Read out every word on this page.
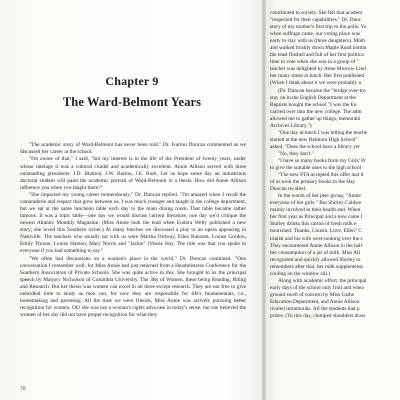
Chapter 9
The Ward-Belmont Years

"The academic story of Ward-Belmont has never been told," Dr. Ivarlou Duncan commented as we discussed her career at the school.

"I'm aware of that," I said, "but my interest is in the life of the President of twenty years, under whose tutelage it was a cultural citadel and academically excellent. Annie Allison served with three outstanding presidents: J.D. Blanton, J.W. Barton, J.E. Burk. Let us hope some day an industrious doctoral student will paint the academic portrait of Ward-Belmont in a thesis. How did Annie Allison influence you when you taught there?"

"She impacted my young career tremendously," Dr. Duncan replied. "I'm amazed when I recall the camaraderie and respect that grew between us. I was much younger and taught in the college department, but we sat at the same luncheon table each day in the main dining room. That table became rather famous. It was a topic table—one day we would discuss current literature, one day we'd critique the newest Atlantic Monthly Magazine. (Miss Annie took the lead when Eudora Welty published a new story; she loved this Southern writer.) At many lunches we discussed a play or an opera appearing in Nashville. The teachers who usually sat with us were Martha Ordway, Ellen Ransom, Louise Gordon, Emily Throne, Louise Hamon, Mary Norris and "Jackie" (Vessie Hay. The rule was that you spoke to everyone if you had something to say."

"We often had discussions on a woman's place in the world," Dr. Duncan continued. "One conversation I remember well, for Miss Annie had just returned from a Headmistress Conference for the Southern Association of Private Schools. She was quite active in this. She brought to us the principal speech by Marjory Nicholson of Columbia University, The 3Rs of Women, these being Reading, Riting and Research. But her thesis was women can excel in all three except research. They are not free to give unbridled time to study as men can, for now they are responsible for life's fundamentals, i.e., homemaking and parenting. All the time we were friends, Miss Annie was actively pursuing better recognition for women. Oh! she was not a woman's rights advocate in today's sense, but she believed the women of her day did not have proper recognition for what they

70
contributed to society. She felt that academ
"respected for their capabilities." Dr. Dunc
story of my mother's first trip to the polls. Yo
when suffrage came, our voting place was
early to stay with us (three daughters). Moth
and walked briskly down Maple Road holdin
the least flushed and full of her first politica
time to vote when she was in a group of "
teacher was delighted by Anne Morrow Lind
her many times at lunch. Her first published
(When I think about it we were probably a
(Dr. Duncan became the "bridge over-tro
stay on in the English Department at the
Baptists bought the school "I was the Eu
carried over into the new college. The adm
allowed me to gather up things, memorabi
Archives Library.")
"One day at lunch I was telling the teache
started at the new Belmont High School"
asked, "Does the school have a library yet
"No, they don't."
"I have so many books from my Girls' Pr
to give the suitable ones to the high school
"The new PTA accepted this offer and it
of us took the primary books to the Hay
Duncan recalled.
In the words of her peer group, "Annie
everyone of her girls." But Shirley Caldwe
mainly involved in their health and. When
her first year as Principal and a new came I
Shirley drinks this carton of fresh milk e
nourished. Thanks, Cousin. Love, Ellen" C
trialist and his wife were looking over the s
They encountered Annie Allison in the hall
her consumption of a jar of milk. Miss All
recognized and quickly allowed Shirley to
remembers after that, her milk supplements
cooling on the window sill.)
Along with academic effort, the principal
early days of the school only fruit and whea
ground swell of concern by Miss Cathe
Education Department, and Annie Allison
rivaled intramurals. All the students had p
prizes. (To this day, clumped shoulders draw
